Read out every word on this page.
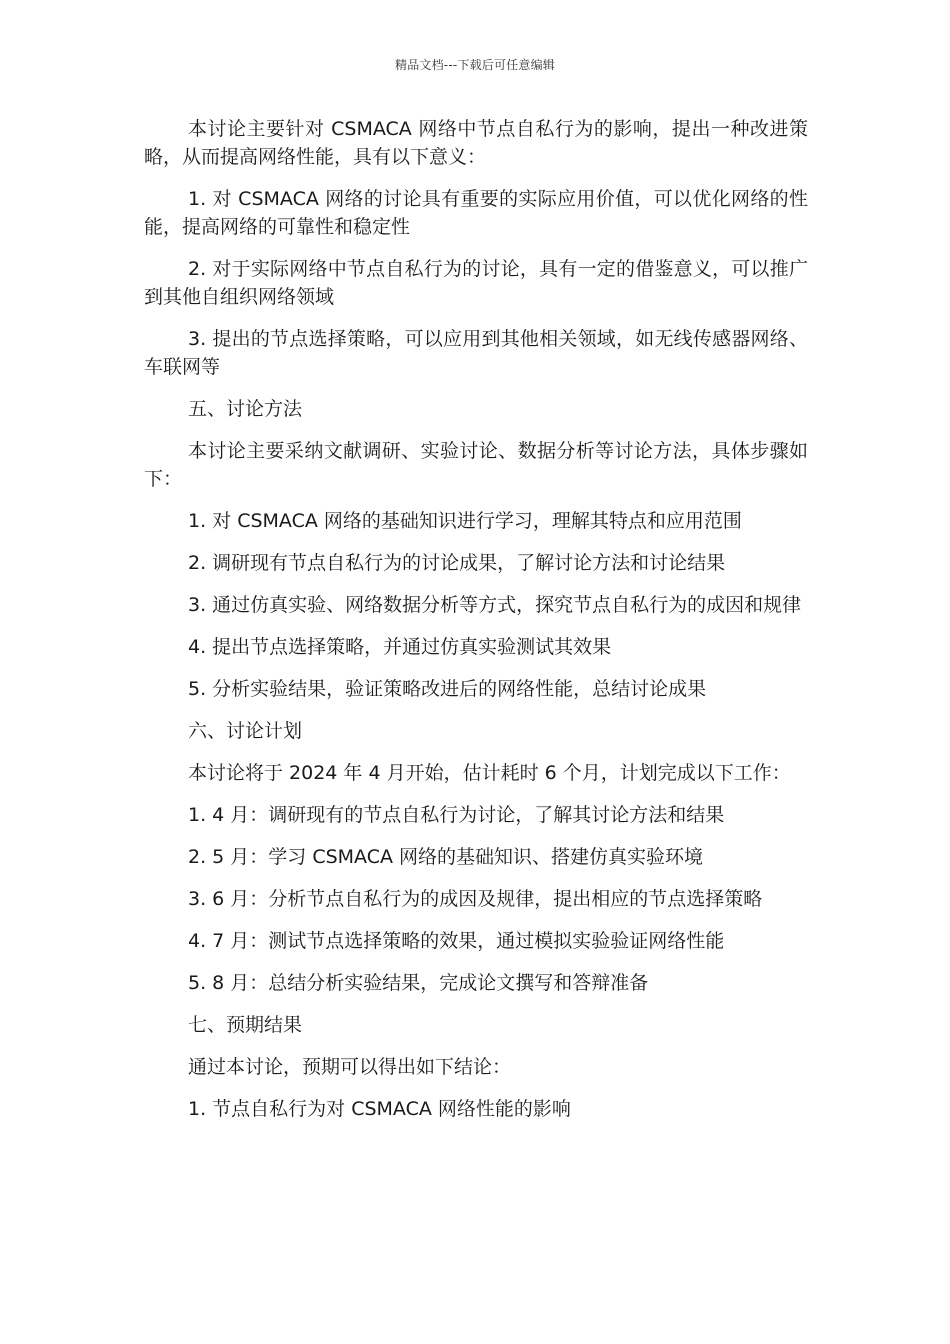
精品文档---下载后可任意编辑

本讨论主要针对 CSMACA 网络中节点自私行为的影响，提出一种改进策略，从而提高网络性能，具有以下意义：

1. 对 CSMACA 网络的讨论具有重要的实际应用价值，可以优化网络的性能，提高网络的可靠性和稳定性

2. 对于实际网络中节点自私行为的讨论，具有一定的借鉴意义，可以推广到其他自组织网络领域

3. 提出的节点选择策略，可以应用到其他相关领域，如无线传感器网络、车联网等

五、讨论方法

本讨论主要采纳文献调研、实验讨论、数据分析等讨论方法，具体步骤如下：

1. 对 CSMACA 网络的基础知识进行学习，理解其特点和应用范围

2. 调研现有节点自私行为的讨论成果，了解讨论方法和讨论结果

3. 通过仿真实验、网络数据分析等方式，探究节点自私行为的成因和规律

4. 提出节点选择策略，并通过仿真实验测试其效果

5. 分析实验结果，验证策略改进后的网络性能，总结讨论成果

六、讨论计划

本讨论将于 2024 年 4 月开始，估计耗时 6 个月，计划完成以下工作：

1. 4 月：调研现有的节点自私行为讨论，了解其讨论方法和结果

2. 5 月：学习 CSMACA 网络的基础知识、搭建仿真实验环境

3. 6 月：分析节点自私行为的成因及规律，提出相应的节点选择策略

4. 7 月：测试节点选择策略的效果，通过模拟实验验证网络性能

5. 8 月：总结分析实验结果，完成论文撰写和答辩准备

七、预期结果

通过本讨论，预期可以得出如下结论：

1. 节点自私行为对 CSMACA 网络性能的影响
